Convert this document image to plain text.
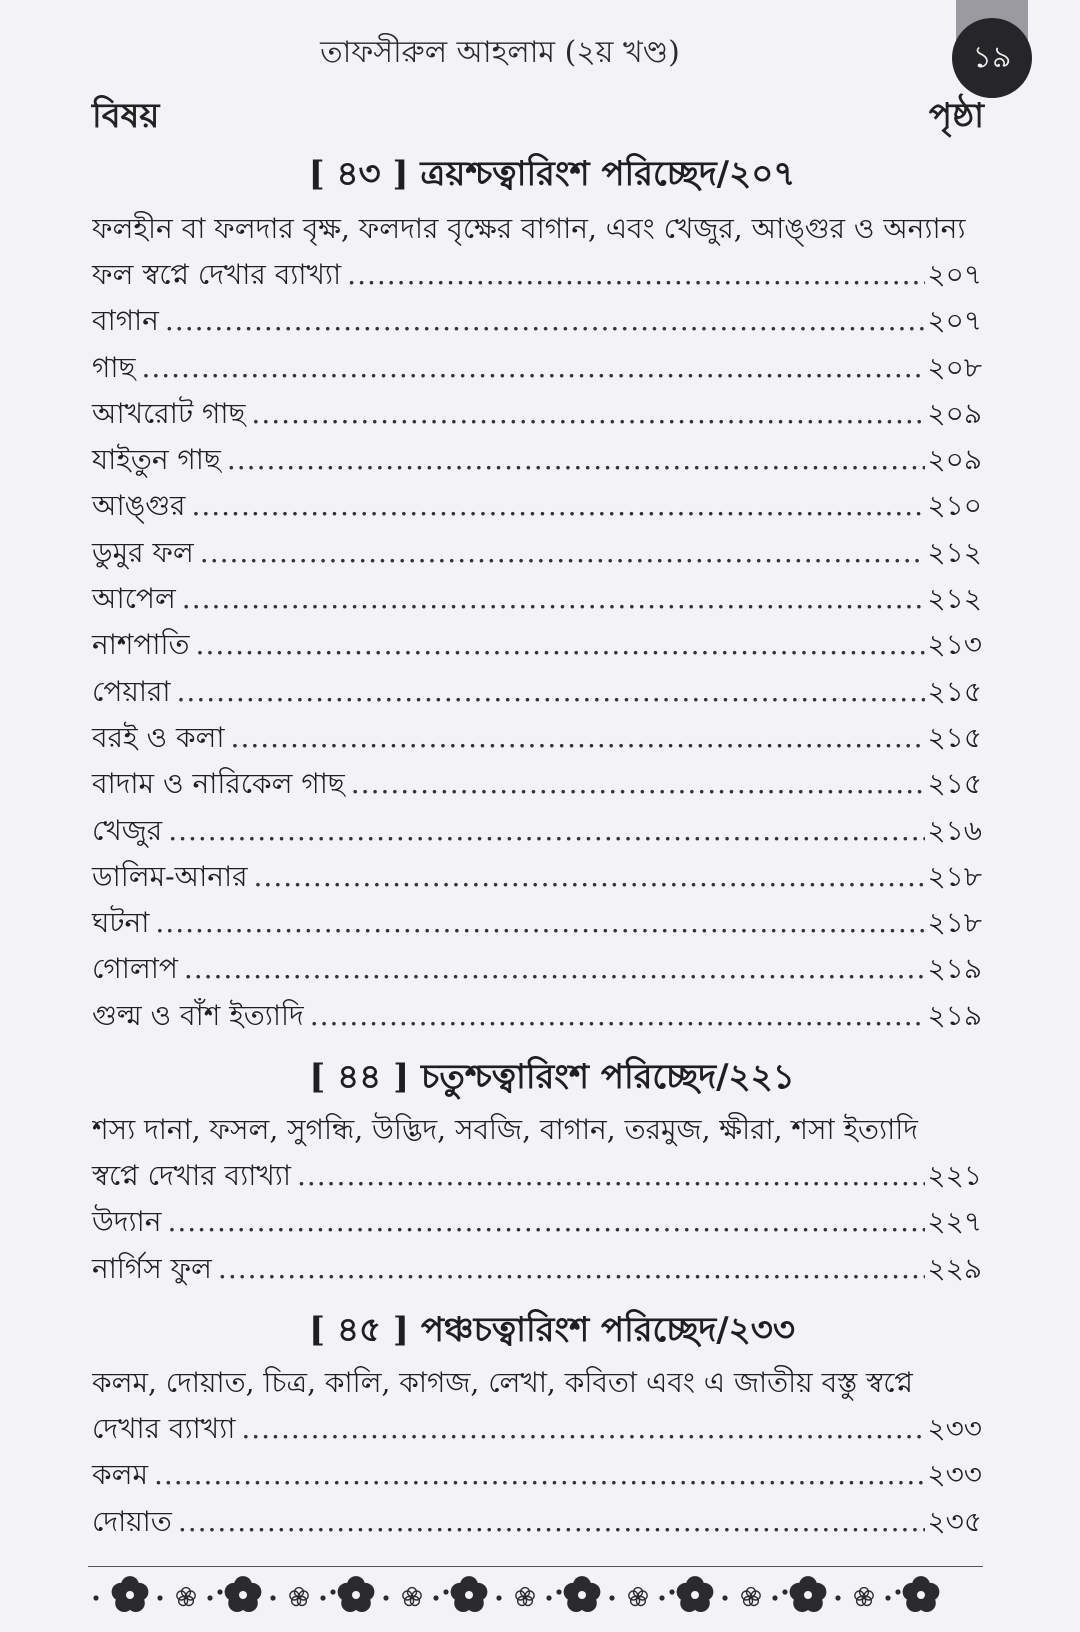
তাফসীরুল আহলাম (২য় খণ্ড)	১৯
বিষয়	পৃষ্ঠা
[ ৪৩ ] ত্রয়শ্চত্বারিংশ পরিচ্ছেদ/২০৭
ফলহীন বা ফলদার বৃক্ষ, ফলদার বৃক্ষের বাগান, এবং খেজুর, আঙ্গুর ও অন্যান্য
ফল স্বপ্নে দেখার ব্যাখ্যা .....	২০৭
বাগান .....	২০৭
গাছ .....	২০৮
আখরোট গাছ .....	২০৯
যাইতুন গাছ .....	২০৯
আঙ্গুর .....	২১০
ডুমুর ফল .....	২১২
আপেল .....	২১২
নাশপাতি .....	২১৩
পেয়ারা .....	২১৫
বরই ও কলা .....	২১৫
বাদাম ও নারিকেল গাছ .....	২১৫
খেজুর .....	২১৬
ডালিম-আনার .....	২১৮
ঘটনা .....	২১৮
গোলাপ .....	২১৯
গুল্ম ও বাঁশ ইত্যাদি .....	২১৯
[ ৪৪ ] চতুশ্চত্বারিংশ পরিচ্ছেদ/২২১
শস্য দানা, ফসল, সুগন্ধি, উদ্ভিদ, সবজি, বাগান, তরমুজ, ক্ষীরা, শসা ইত্যাদি
স্বপ্নে দেখার ব্যাখ্যা .....	২২১
উদ্যান .....	২২৭
নার্গিস ফুল .....	২২৯
[ ৪৫ ] পঞ্চচত্বারিংশ পরিচ্ছেদ/২৩৩
কলম, দোয়াত, চিত্র, কালি, কাগজ, লেখা, কবিতা এবং এ জাতীয় বস্তু স্বপ্নে
দেখার ব্যাখ্যা .....	২৩৩
কলম .....	২৩৩
দোয়াত .....	২৩৫
